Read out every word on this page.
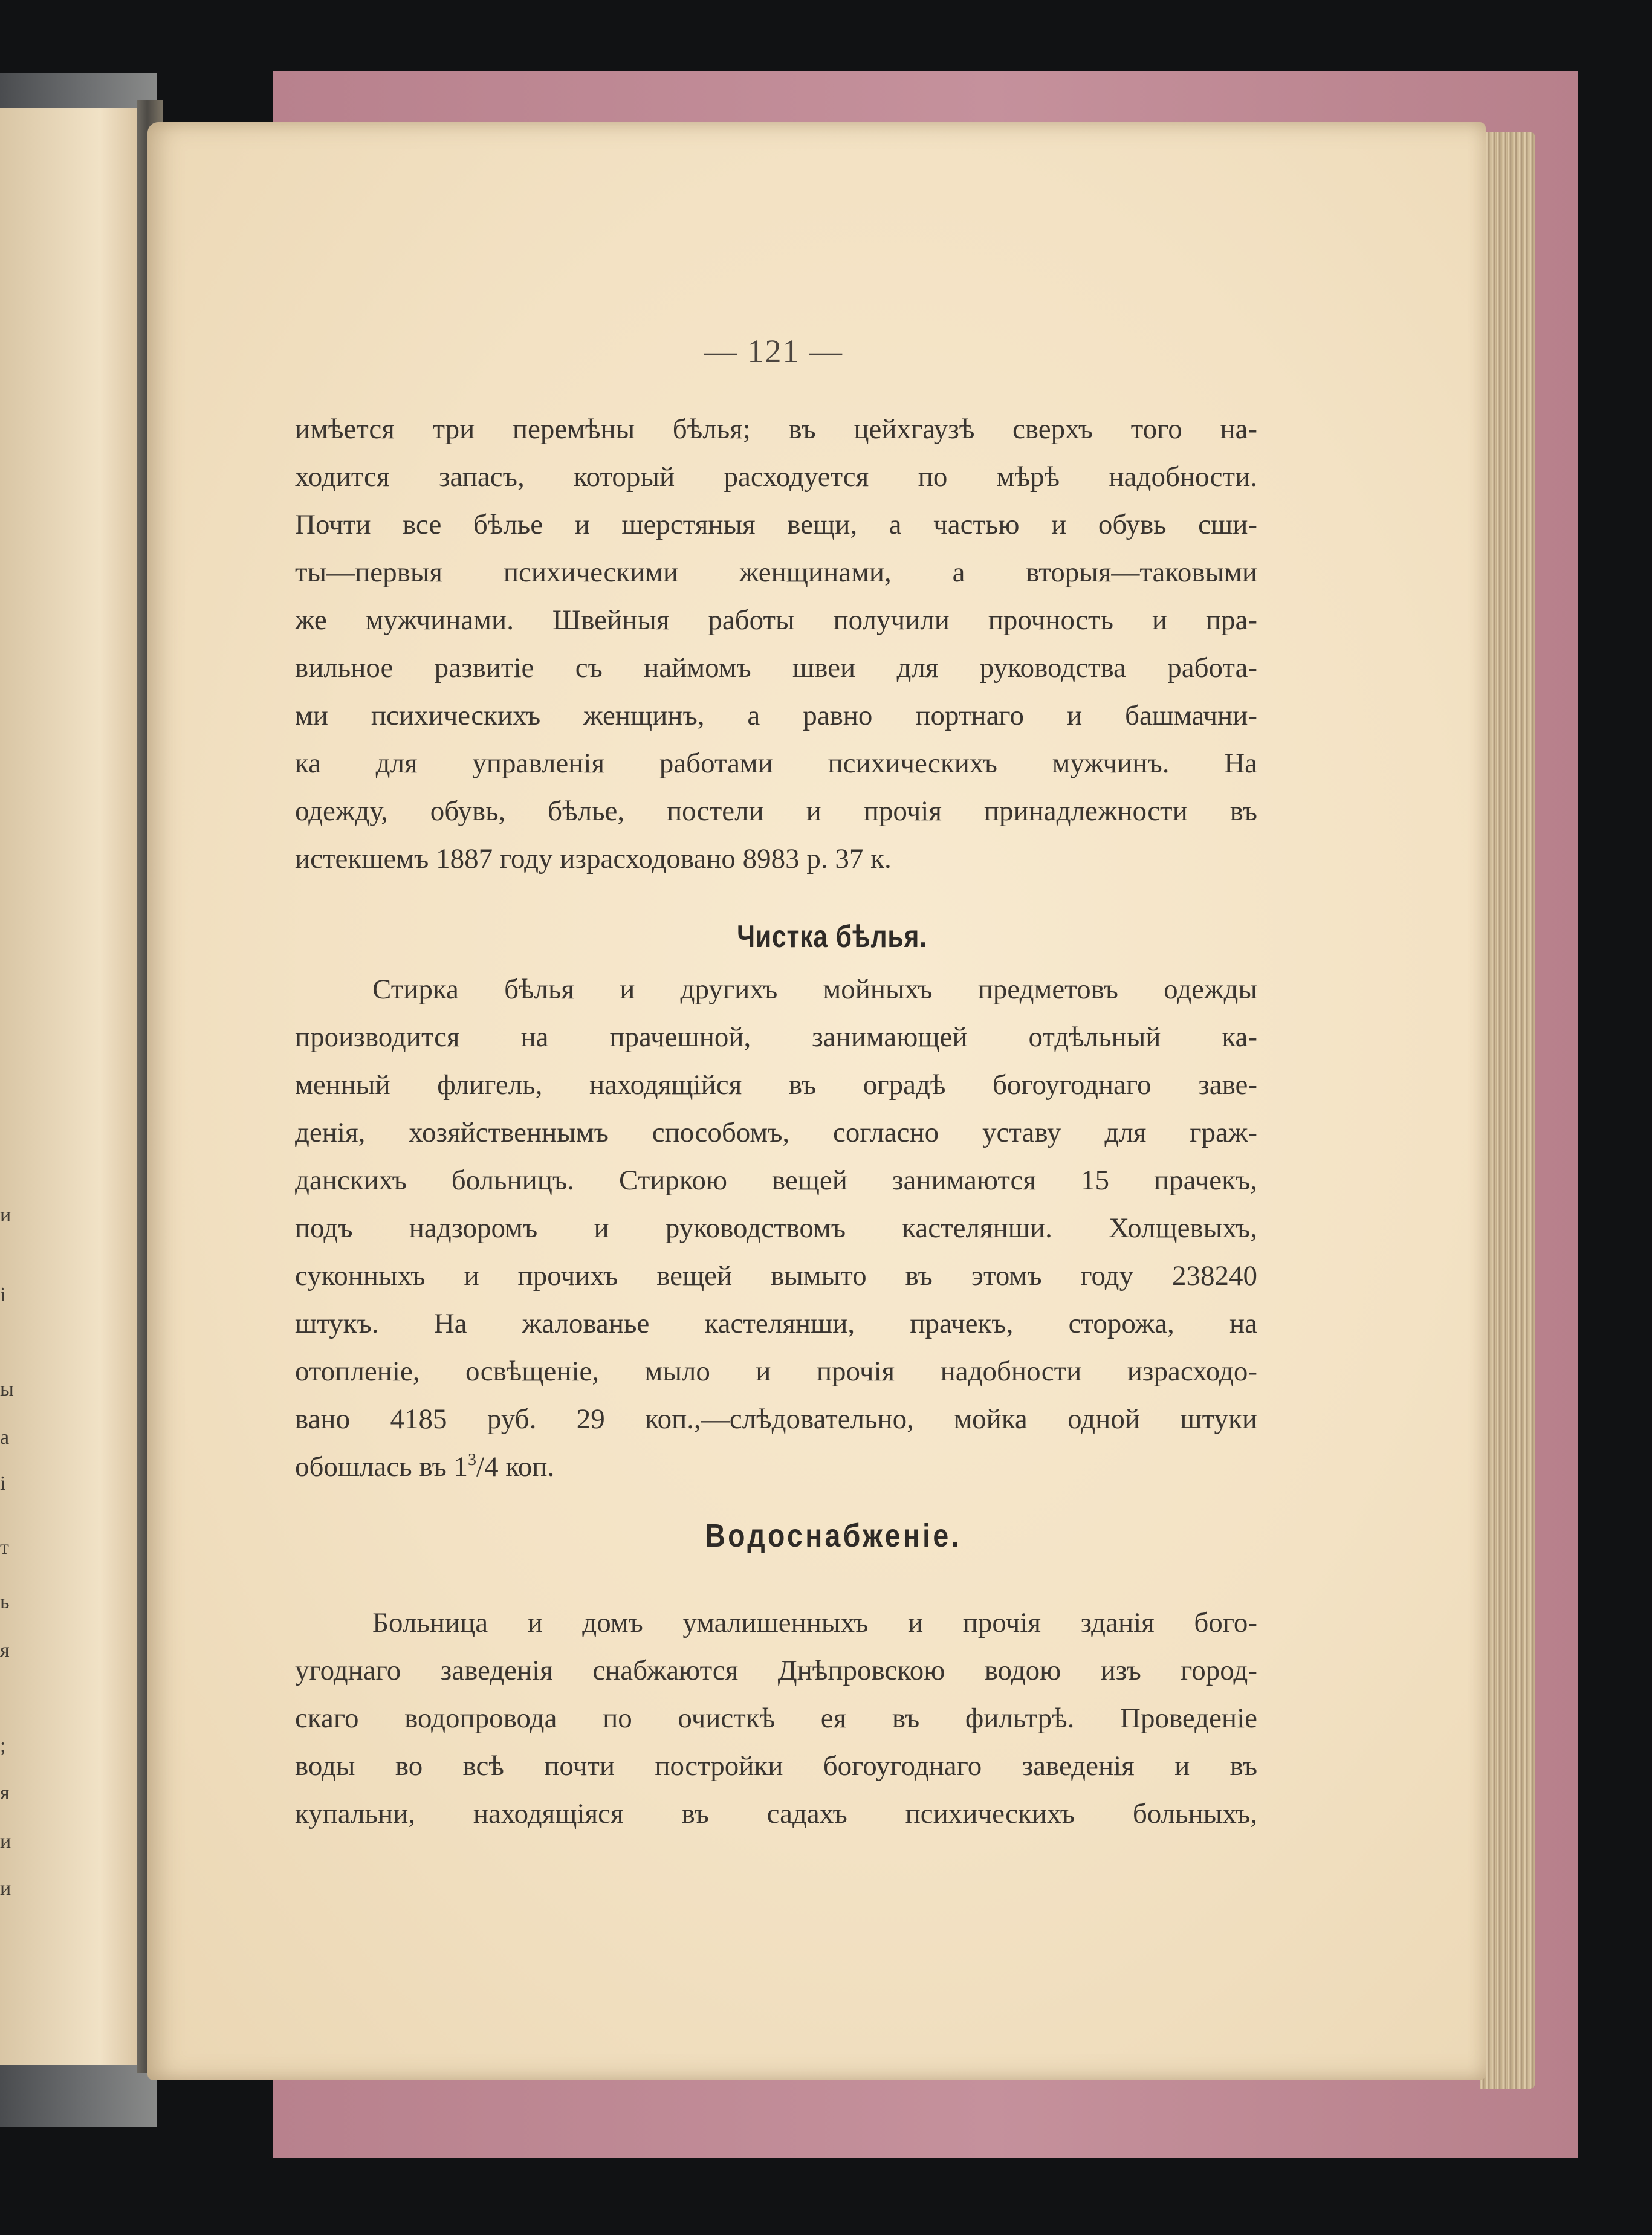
и
і
ы
а
і
т
ь
я
;
я
и
и
— 121 —
имѣется три перемѣны бѣлья; въ цейхгаузѣ сверхъ того на-
ходится запасъ, который расходуется по мѣрѣ надобности.
Почти все бѣлье и шерстяныя вещи, а частью и обувь сши-
ты—первыя психическими женщинами, а вторыя—таковыми
же мужчинами. Швейныя работы получили прочность и пра-
вильное развитіе съ наймомъ швеи для руководства работа-
ми психическихъ женщинъ, а равно портнаго и башмачни-
ка для управленія работами психическихъ мужчинъ. На
одежду, обувь, бѣлье, постели и прочія принадлежности въ
истекшемъ 1887 году израсходовано 8983 р. 37 к.
Чистка бѣлья.
Стирка бѣлья и другихъ мойныхъ предметовъ одежды
производится на прачешной, занимающей отдѣльный ка-
менный флигель, находящійся въ оградѣ богоугоднаго заве-
денія, хозяйственнымъ способомъ, согласно уставу для граж-
данскихъ больницъ. Стиркою вещей занимаются 15 прачекъ,
подъ надзоромъ и руководствомъ кастелянши. Холщевыхъ,
суконныхъ и прочихъ вещей вымыто въ этомъ году 238240
штукъ. На жалованье кастелянши, прачекъ, сторожа, на
отопленіе, освѣщеніе, мыло и прочія надобности израсходо-
вано 4185 руб. 29 коп.,—слѣдовательно, мойка одной штуки
обошлась въ $1^3/4$ коп.
Водоснабженіе.
Больница и домъ умалишенныхъ и прочія зданія бого-
угоднаго заведенія снабжаются Днѣпровскою водою изъ город-
скаго водопровода по очисткѣ ея въ фильтрѣ. Проведеніе
воды во всѣ почти постройки богоугоднаго заведенія и въ
купальни, находящіяся въ садахъ психическихъ больныхъ,
